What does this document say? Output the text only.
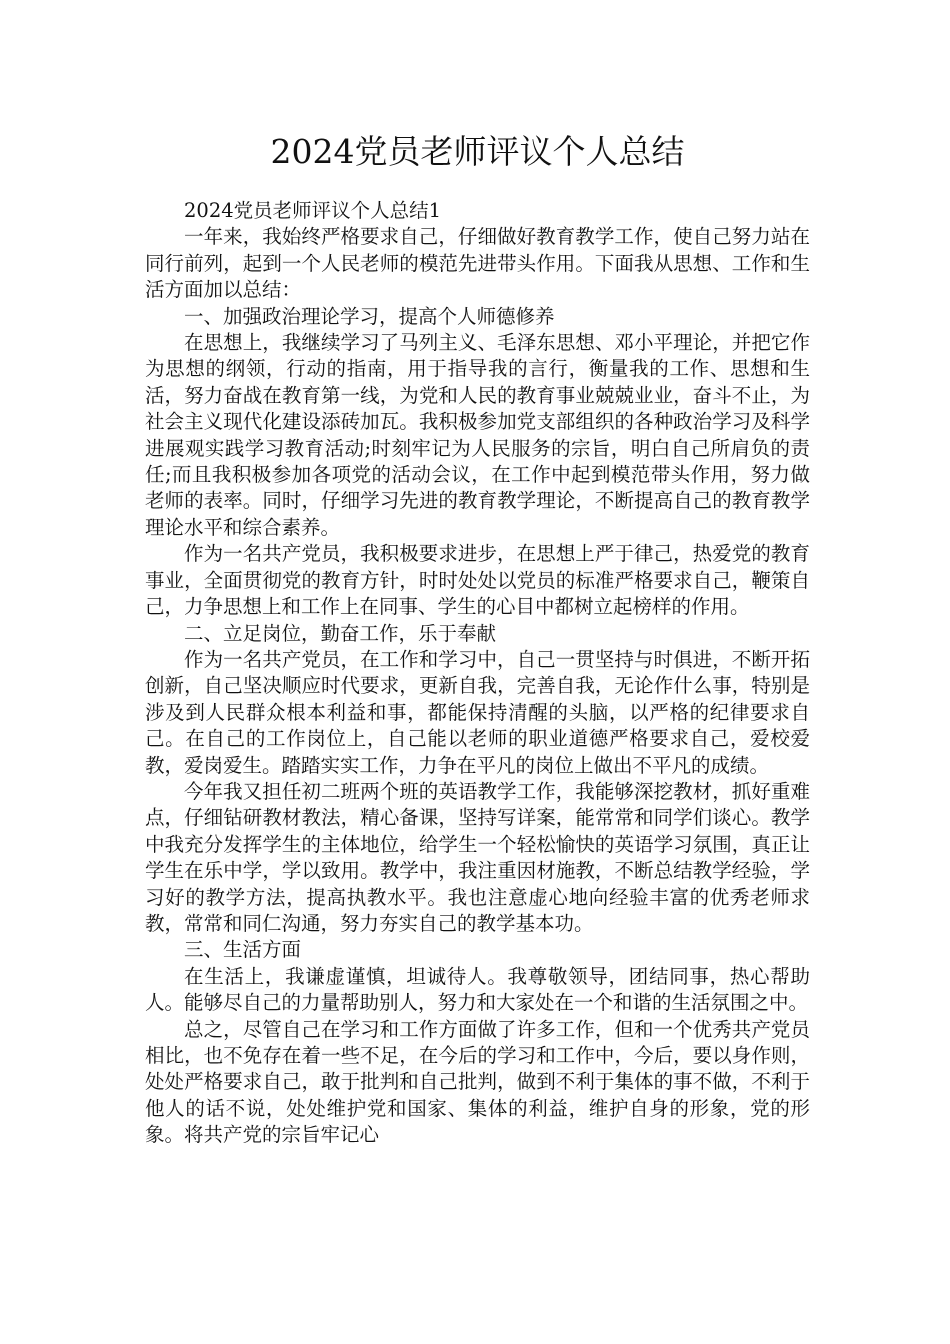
2024党员老师评议个人总结

2024党员老师评议个人总结1

一年来，我始终严格要求自己，仔细做好教育教学工作，使自己努力站在同行前列，起到一个人民老师的模范先进带头作用。下面我从思想、工作和生活方面加以总结：

一、加强政治理论学习，提高个人师德修养

在思想上，我继续学习了马列主义、毛泽东思想、邓小平理论，并把它作为思想的纲领，行动的指南，用于指导我的言行，衡量我的工作、思想和生活，努力奋战在教育第一线，为党和人民的教育事业兢兢业业，奋斗不止，为社会主义现代化建设添砖加瓦。我积极参加党支部组织的各种政治学习及科学进展观实践学习教育活动;时刻牢记为人民服务的宗旨，明白自己所肩负的责任;而且我积极参加各项党的活动会议，在工作中起到模范带头作用，努力做老师的表率。同时，仔细学习先进的教育教学理论，不断提高自己的教育教学理论水平和综合素养。

作为一名共产党员，我积极要求进步，在思想上严于律己，热爱党的教育事业，全面贯彻党的教育方针，时时处处以党员的标准严格要求自己，鞭策自己，力争思想上和工作上在同事、学生的心目中都树立起榜样的作用。

二、立足岗位，勤奋工作，乐于奉献

作为一名共产党员，在工作和学习中，自己一贯坚持与时俱进，不断开拓创新，自己坚决顺应时代要求，更新自我，完善自我，无论作什么事，特别是涉及到人民群众根本利益和事，都能保持清醒的头脑，以严格的纪律要求自己。在自己的工作岗位上，自己能以老师的职业道德严格要求自己，爱校爱教，爱岗爱生。踏踏实实工作，力争在平凡的岗位上做出不平凡的成绩。

今年我又担任初二班两个班的英语教学工作，我能够深挖教材，抓好重难点，仔细钻研教材教法，精心备课，坚持写详案，能常常和同学们谈心。教学中我充分发挥学生的主体地位，给学生一个轻松愉快的英语学习氛围，真正让学生在乐中学，学以致用。教学中，我注重因材施教，不断总结教学经验，学习好的教学方法，提高执教水平。我也注意虚心地向经验丰富的优秀老师求教，常常和同仁沟通，努力夯实自己的教学基本功。

三、生活方面

在生活上，我谦虚谨慎，坦诚待人。我尊敬领导，团结同事，热心帮助人。能够尽自己的力量帮助别人，努力和大家处在一个和谐的生活氛围之中。

总之，尽管自己在学习和工作方面做了许多工作，但和一个优秀共产党员相比，也不免存在着一些不足，在今后的学习和工作中，今后，要以身作则，处处严格要求自己，敢于批判和自己批判，做到不利于集体的事不做，不利于他人的话不说，处处维护党和国家、集体的利益，维护自身的形象，党的形象。将共产党的宗旨牢记心
